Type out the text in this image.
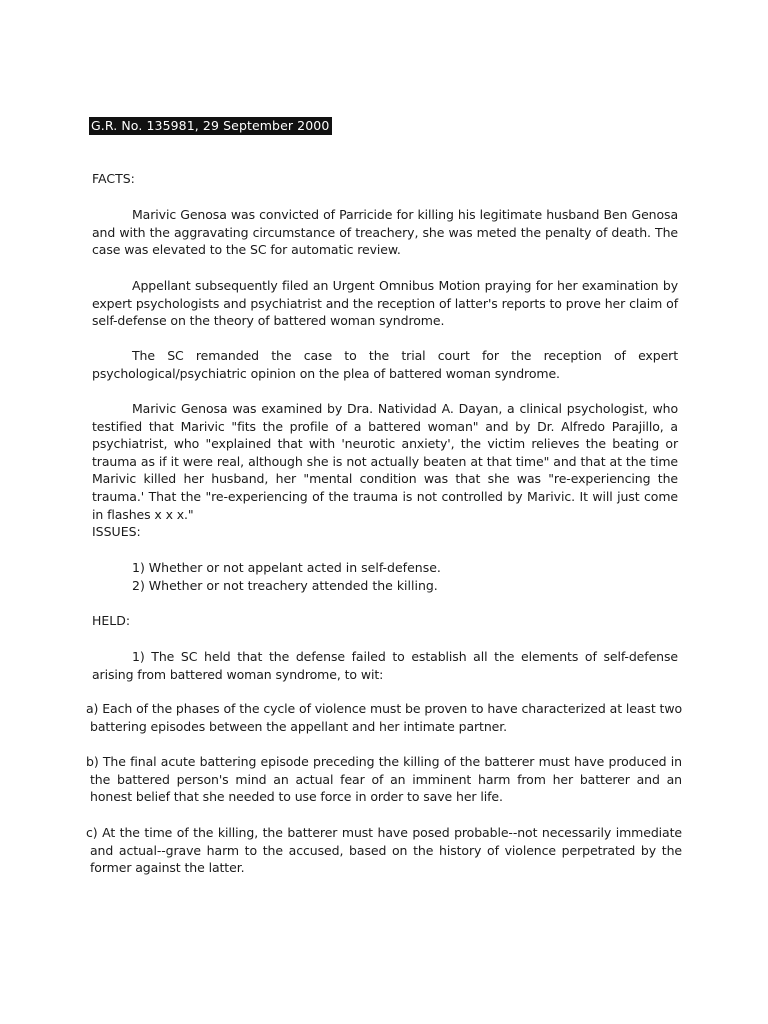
G.R. No. 135981, 29 September 2000
FACTS:
Marivic Genosa was convicted of Parricide for killing his legitimate husband Ben Genosa and with the aggravating circumstance of treachery, she was meted the penalty of death. The case was elevated to the SC for automatic review.
Appellant subsequently filed an Urgent Omnibus Motion praying for her examination by expert psychologists and psychiatrist and the reception of latter's reports to prove her claim of self-defense on the theory of battered woman syndrome.
The SC remanded the case to the trial court for the reception of expert psychological/psychiatric opinion on the plea of battered woman syndrome.
Marivic Genosa was examined by Dra. Natividad A. Dayan, a clinical psychologist, who testified that Marivic "fits the profile of a battered woman" and by Dr. Alfredo Parajillo, a psychiatrist, who "explained that with 'neurotic anxiety', the victim relieves the beating or trauma as if it were real, although she is not actually beaten at that time" and that at the time Marivic killed her husband, her "mental condition was that she was "re-experiencing the trauma.' That the "re-experiencing of the trauma is not controlled by Marivic. It will just come in flashes x x x."
ISSUES:
1) Whether or not appelant acted in self-defense.
2) Whether or not treachery attended the killing.
HELD:
1) The SC held that the defense failed to establish all the elements of self-defense arising from battered woman syndrome, to wit:
a) Each of the phases of the cycle of violence must be proven to have characterized at least two battering episodes between the appellant and her intimate partner.
b) The final acute battering episode preceding the killing of the batterer must have produced in the battered person's mind an actual fear of an imminent harm from her batterer and an honest belief that she needed to use force in order to save her life.
c) At the time of the killing, the batterer must have posed probable--not necessarily immediate and actual--grave harm to the accused, based on the history of violence perpetrated by the former against the latter.
